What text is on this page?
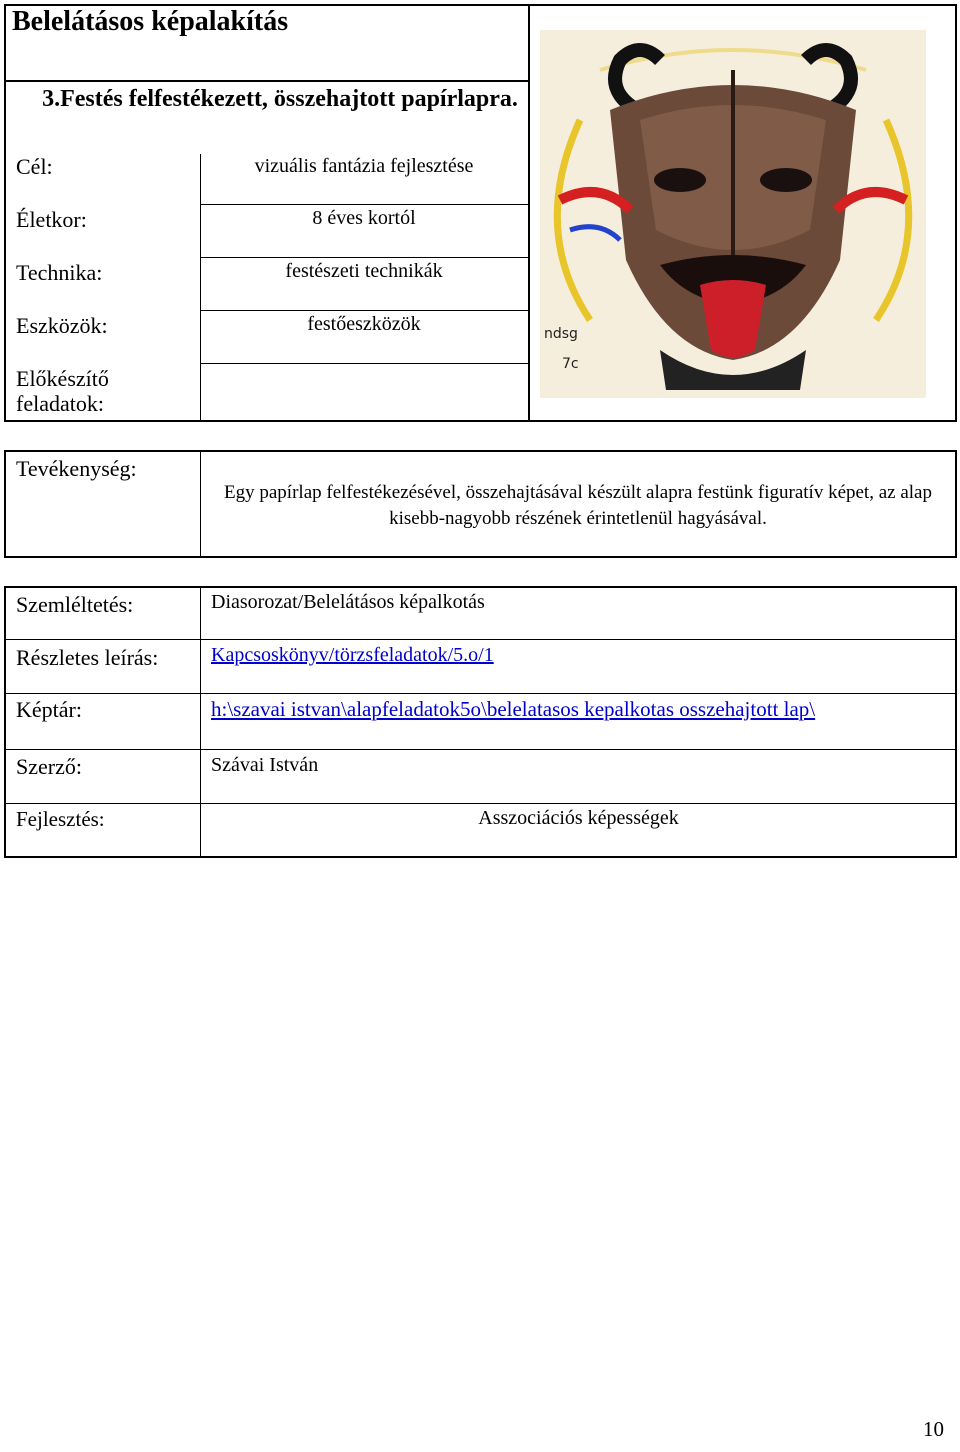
Belelátásos képalakítás
3.Festés felfestékezett, összehajtott papírlapra.
Cél:	vizuális fantázia fejlesztése
Életkor:	8 éves kortól
Technika:	festészeti technikák
Eszközök:	festőeszközök
Előkészítő
feladatok:
ndsg
7c
Tevékenység:
Egy papírlap felfestékezésével, összehajtásával készült alapra festünk figuratív képet, az alap kisebb-nagyobb részének érintetlenül hagyásával.
Szemléltetés:	Diasorozat/Belelátásos képalkotás
Részletes leírás:	Kapcsoskönyv/törzsfeladatok/5.o/1
Képtár:	h:\szavai istvan\alapfeladatok5o\belelatasos kepalkotas osszehajtott lap\
Szerző:	Szávai István
Fejlesztés:	Asszociációs képességek
10
